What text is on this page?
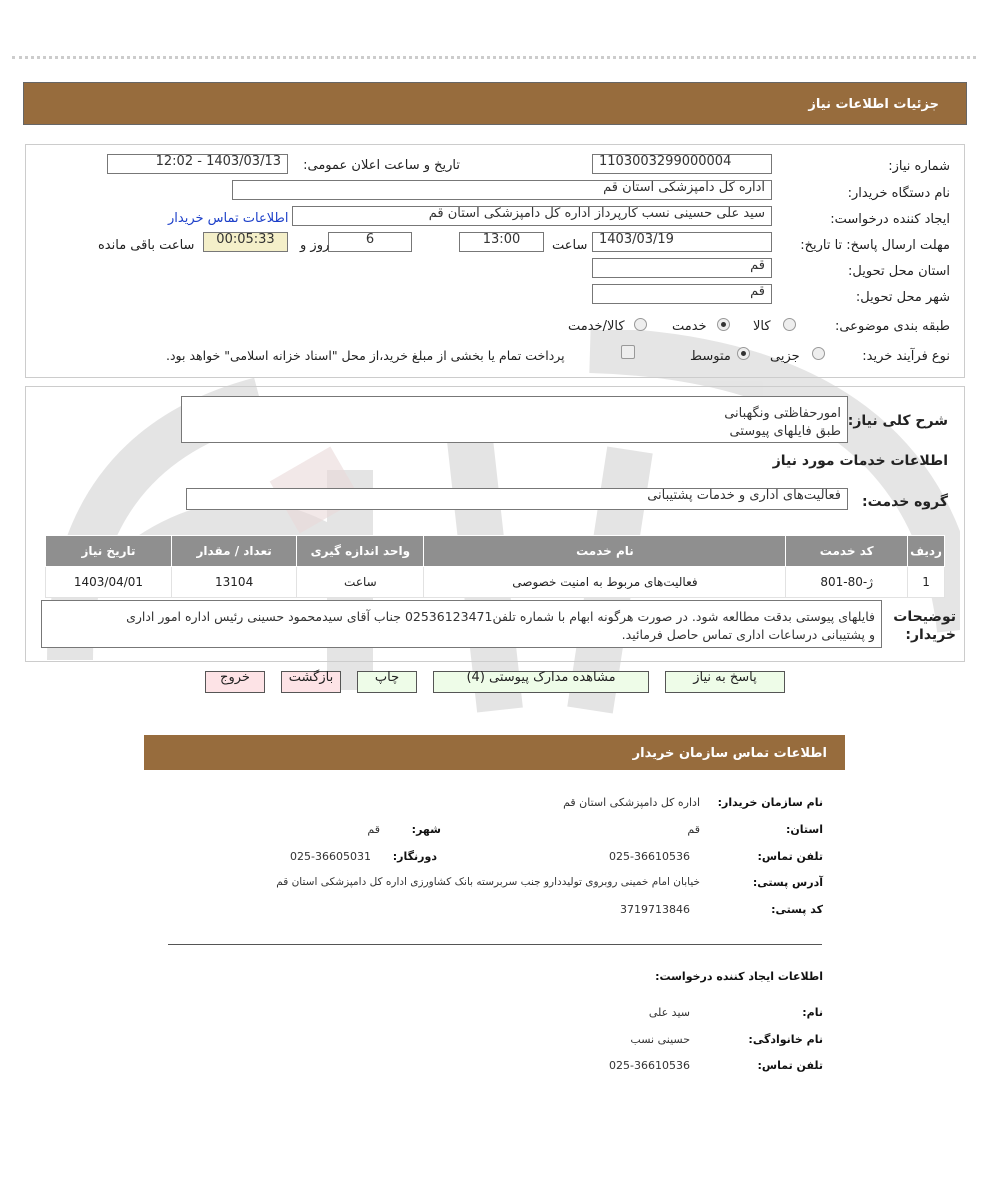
جزئیات اطلاعات نیاز
شماره نیاز:
1103003299000004
تاریخ و ساعت اعلان عمومی:
1403/03/13 - 12:02
نام دستگاه خریدار:
اداره کل دامپزشکی استان قم
ایجاد کننده درخواست:
سید علی حسینی نسب کارپرداز اداره کل دامپزشکی استان قم
اطلاعات تماس خریدار
مهلت ارسال پاسخ: تا تاریخ:
1403/03/19
ساعت
13:00
6
روز و
00:05:33
ساعت باقی مانده
استان محل تحویل:
قم
شهر محل تحویل:
قم
طبقه بندی موضوعی:
کالا
خدمت
کالا/خدمت
نوع فرآیند خرید:
جزیی
متوسط
پرداخت تمام یا بخشی از مبلغ خرید،از محل "اسناد خزانه اسلامی" خواهد بود.
شرح کلی نیاز:
امورحفاظتی ونگهبانی
طبق فایلهای پیوستی
اطلاعات خدمات مورد نیاز
گروه خدمت:
فعالیت‌های اداری و خدمات پشتیبانی
ردیف	کد خدمت	نام خدمت	واحد اندازه گیری	تعداد / مقدار	تاریخ نیاز
1	ژ-80-801	فعالیت‌های مربوط به امنیت خصوصی	ساعت	13104	1403/04/01
توضیحات
خریدار:
فایلهای پیوستی بدقت مطالعه شود. در صورت هرگونه ابهام با شماره تلفن02536123471 جناب آقای سیدمحمود حسینی رئیس اداره امور اداری
و پشتیبانی درساعات اداری تماس حاصل فرمائید.
پاسخ به نیاز
مشاهده مدارک پیوستی (4)
چاپ
بازگشت
خروج
اطلاعات تماس سازمان خریدار
نام سازمان خریدار:
اداره کل دامپزشکی استان قم
استان:
قم
شهر:
قم
تلفن تماس:
025-36610536
دورنگار:
025-36605031
آدرس پستی:
خیابان امام خمینی روبروی تولیددارو جنب سربرسته بانک کشاورزی اداره کل دامپزشکی استان قم
کد پستی:
3719713846
اطلاعات ایجاد کننده درخواست:
نام:
سید علی
نام خانوادگی:
حسینی نسب
تلفن تماس:
025-36610536
